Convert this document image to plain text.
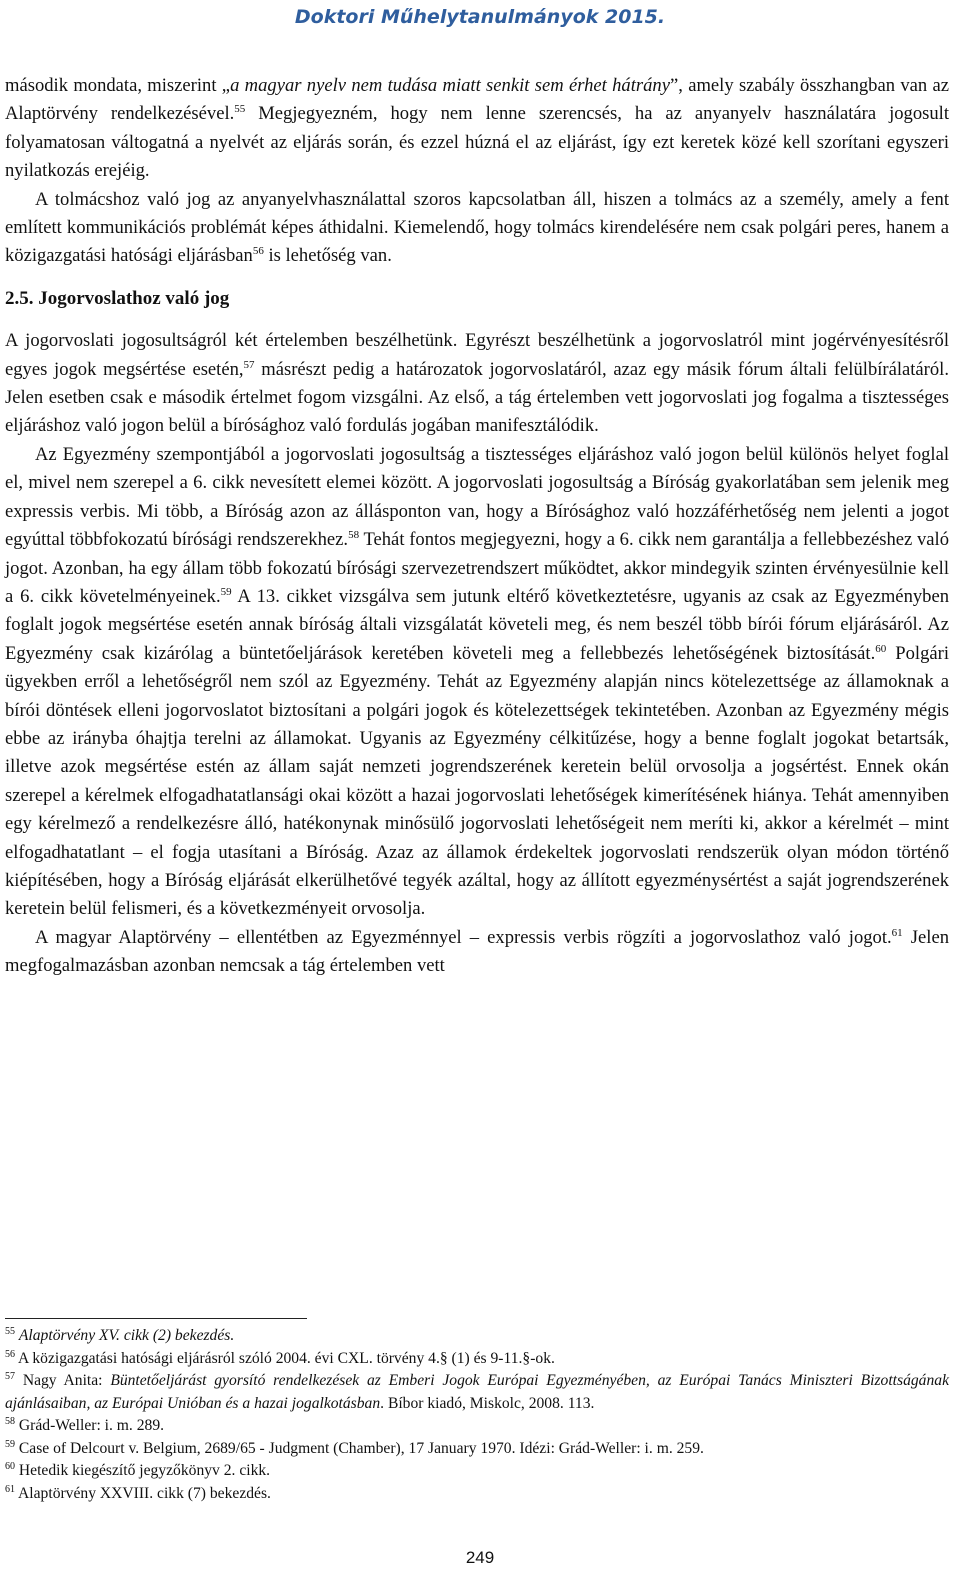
Doktori Műhelytanulmányok 2015.

második mondata, miszerint „a magyar nyelv nem tudása miatt senkit sem érhet hátrány”, amely szabály összhangban van az Alaptörvény rendelkezésével.$^{55}$ Megjegyezném, hogy nem lenne szerencsés, ha az anyanyelv használatára jogosult folyamatosan váltogatná a nyelvét az eljárás során, és ezzel húzná el az eljárást, így ezt keretek közé kell szorítani egyszeri nyilatkozás erejéig.

A tolmácshoz való jog az anyanyelvhasználattal szoros kapcsolatban áll, hiszen a tolmács az a személy, amely a fent említett kommunikációs problémát képes áthidalni. Kiemelendő, hogy tolmács kirendelésére nem csak polgári peres, hanem a közigazgatási hatósági eljárásban$^{56}$ is lehetőség van.

2.5. Jogorvoslathoz való jog

A jogorvoslati jogosultságról két értelemben beszélhetünk. Egyrészt beszélhetünk a jogorvoslatról mint jogérvényesítésről egyes jogok megsértése esetén,$^{57}$ másrészt pedig a határozatok jogorvoslatáról, azaz egy másik fórum általi felülbírálatáról. Jelen esetben csak e második értelmet fogom vizsgálni. Az első, a tág értelemben vett jogorvoslati jog fogalma a tisztességes eljáráshoz való jogon belül a bírósághoz való fordulás jogában manifesztálódik.

Az Egyezmény szempontjából a jogorvoslati jogosultság a tisztességes eljáráshoz való jogon belül különös helyet foglal el, mivel nem szerepel a 6. cikk nevesített elemei között. A jogorvoslati jogosultság a Bíróság gyakorlatában sem jelenik meg expressis verbis. Mi több, a Bíróság azon az állásponton van, hogy a Bírósághoz való hozzáférhetőség nem jelenti a jogot egyúttal többfokozatú bírósági rendszerekhez.$^{58}$ Tehát fontos megjegyezni, hogy a 6. cikk nem garantálja a fellebbezéshez való jogot. Azonban, ha egy állam több fokozatú bírósági szervezetrendszert működtet, akkor mindegyik szinten érvényesülnie kell a 6. cikk követelményeinek.$^{59}$ A 13. cikket vizsgálva sem jutunk eltérő következtetésre, ugyanis az csak az Egyezményben foglalt jogok megsértése esetén annak bíróság általi vizsgálatát követeli meg, és nem beszél több bírói fórum eljárásáról. Az Egyezmény csak kizárólag a büntetőeljárások keretében követeli meg a fellebbezés lehetőségének biztosítását.$^{60}$ Polgári ügyekben erről a lehetőségről nem szól az Egyezmény. Tehát az Egyezmény alapján nincs kötelezettsége az államoknak a bírói döntések elleni jogorvoslatot biztosítani a polgári jogok és kötelezettségek tekintetében. Azonban az Egyezmény mégis ebbe az irányba óhajtja terelni az államokat. Ugyanis az Egyezmény célkitűzése, hogy a benne foglalt jogokat betartsák, illetve azok megsértése estén az állam saját nemzeti jogrendszerének keretein belül orvosolja a jogsértést. Ennek okán szerepel a kérelmek elfogadhatatlansági okai között a hazai jogorvoslati lehetőségek kimerítésének hiánya. Tehát amennyiben egy kérelmező a rendelkezésre álló, hatékonynak minősülő jogorvoslati lehetőségeit nem meríti ki, akkor a kérelmét – mint elfogadhatatlant – el fogja utasítani a Bíróság. Azaz az államok érdekeltek jogorvoslati rendszerük olyan módon történő kiépítésében, hogy a Bíróság eljárását elkerülhetővé tegyék azáltal, hogy az állított egyezménysértést a saját jogrendszerének keretein belül felismeri, és a következményeit orvosolja.

A magyar Alaptörvény – ellentétben az Egyezménnyel – expressis verbis rögzíti a jogorvoslathoz való jogot.$^{61}$ Jelen megfogalmazásban azonban nemcsak a tág értelemben vett

$^{55}$ Alaptörvény XV. cikk (2) bekezdés.

$^{56}$ A közigazgatási hatósági eljárásról szóló 2004. évi CXL. törvény 4.§ (1) és 9-11.§-ok.

$^{57}$ Nagy Anita: Büntetőeljárást gyorsító rendelkezések az Emberi Jogok Európai Egyezményében, az Európai Tanács Miniszteri Bizottságának ajánlásaiban, az Európai Unióban és a hazai jogalkotásban. Bíbor kiadó, Miskolc, 2008. 113.

$^{58}$ Grád-Weller: i. m. 289.

$^{59}$ Case of Delcourt v. Belgium, 2689/65 - Judgment (Chamber), 17 January 1970. Idézi: Grád-Weller: i. m. 259.

$^{60}$ Hetedik kiegészítő jegyzőkönyv 2. cikk.

$^{61}$ Alaptörvény XXVIII. cikk (7) bekezdés.

249
